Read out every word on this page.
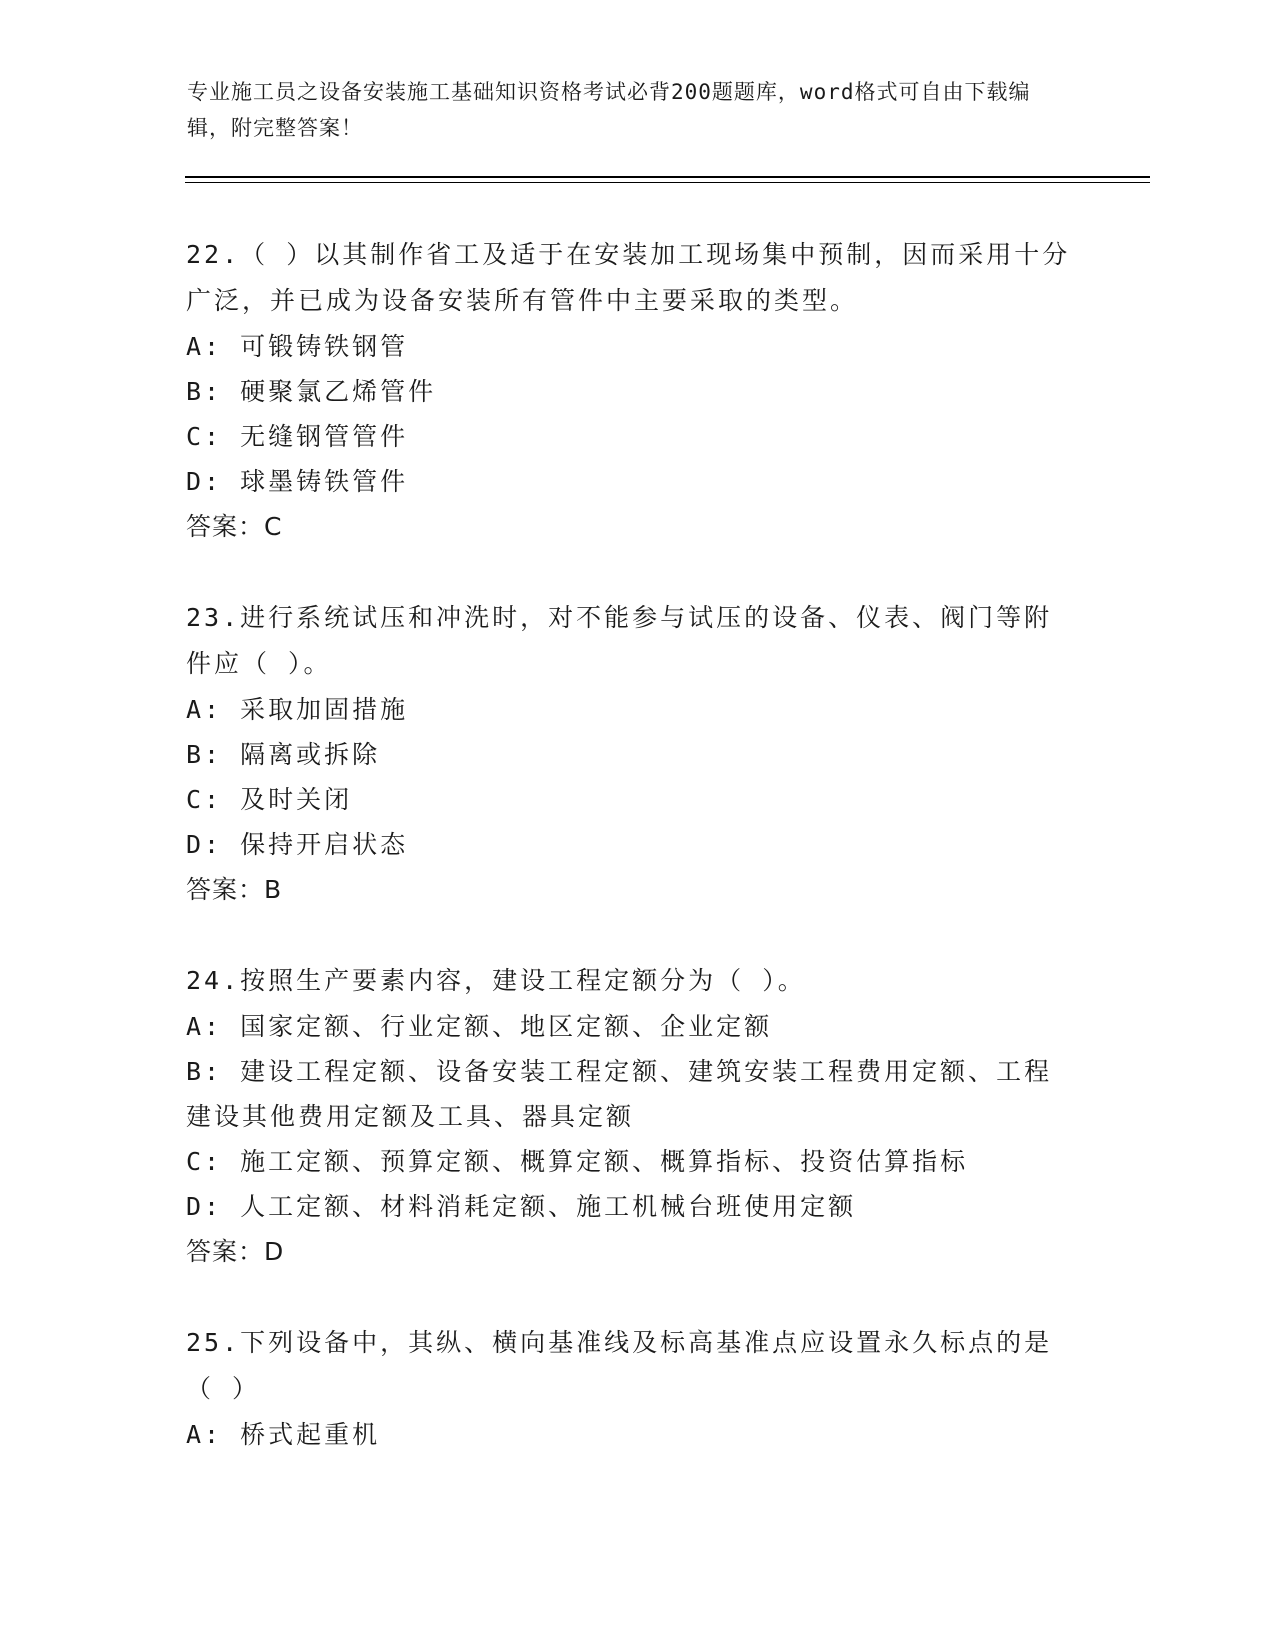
专业施工员之设备安装施工基础知识资格考试必背200题题库，word格式可自由下载编辑，附完整答案！
22.（ ）以其制作省工及适于在安装加工现场集中预制，因而采用十分广泛，并已成为设备安装所有管件中主要采取的类型。
A: 可锻铸铁钢管
B: 硬聚氯乙烯管件
C: 无缝钢管管件
D: 球墨铸铁管件
答案：C
23.进行系统试压和冲洗时，对不能参与试压的设备、仪表、阀门等附件应（ ）。
A: 采取加固措施
B: 隔离或拆除
C: 及时关闭
D: 保持开启状态
答案：B
24.按照生产要素内容，建设工程定额分为（ ）。
A: 国家定额、行业定额、地区定额、企业定额
B: 建设工程定额、设备安装工程定额、建筑安装工程费用定额、工程建设其他费用定额及工具、器具定额
C: 施工定额、预算定额、概算定额、概算指标、投资估算指标
D: 人工定额、材料消耗定额、施工机械台班使用定额
答案：D
25.下列设备中，其纵、横向基准线及标高基准点应设置永久标点的是（ ）
A: 桥式起重机
